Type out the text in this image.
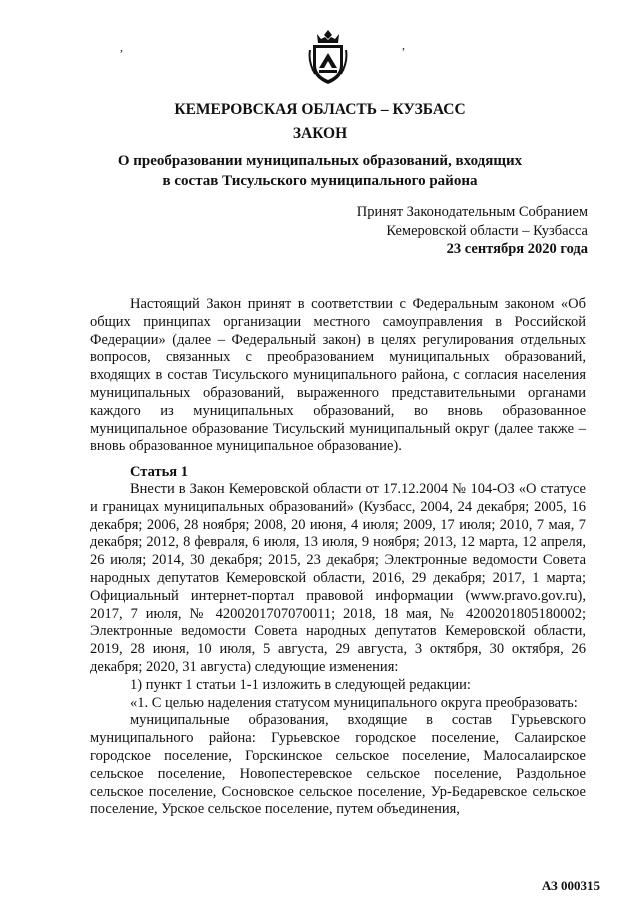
,	,
КЕМЕРОВСКАЯ ОБЛАСТЬ – КУЗБАСС
ЗАКОН
О преобразовании муниципальных образований, входящих
в состав Тисульского муниципального района
Принят Законодательным Собранием
Кемеровской области – Кузбасса
23 сентября 2020 года

Настоящий Закон принят в соответствии с Федеральным законом «Об общих принципах организации местного самоуправления в Российской Федерации» (далее – Федеральный закон) в целях регулирования отдельных вопросов, связанных с преобразованием муниципальных образований, входящих в состав Тисульского муниципального района, с согласия населения муниципальных образований, выраженного представительными органами каждого из муниципальных образований, во вновь образованное муниципальное образование Тисульский муниципальный округ (далее также – вновь образованное муниципальное образование).

Статья 1

Внести в Закон Кемеровской области от 17.12.2004 № 104-ОЗ «О статусе и границах муниципальных образований» (Кузбасс, 2004, 24 декабря; 2005, 16 декабря; 2006, 28 ноября; 2008, 20 июня, 4 июля; 2009, 17 июля; 2010, 7 мая, 7 декабря; 2012, 8 февраля, 6 июля, 13 июля, 9 ноября; 2013, 12 марта, 12 апреля, 26 июля; 2014, 30 декабря; 2015, 23 декабря; Электронные ведомости Совета народных депутатов Кемеровской области, 2016, 29 декабря; 2017, 1 марта; Официальный интернет-портал правовой информации (www.pravo.gov.ru), 2017, 7 июля, № 4200201707070011; 2018, 18 мая, № 4200201805180002; Электронные ведомости Совета народных депутатов Кемеровской области, 2019, 28 июня, 10 июля, 5 августа, 29 августа, 3 октября, 30 октября, 26 декабря; 2020, 31 августа) следующие изменения:

1) пункт 1 статьи 1-1 изложить в следующей редакции:

«1. С целью наделения статусом муниципального округа преобразовать:

муниципальные образования, входящие в состав Гурьевского муниципального района: Гурьевское городское поселение, Салаирское городское поселение, Горскинское сельское поселение, Малосалаирское сельское поселение, Новопестеревское сельское поселение, Раздольное сельское поселение, Сосновское сельское поселение, Ур-Бедаревское сельское поселение, Урское сельское поселение, путем объединения,

АЗ 000315
